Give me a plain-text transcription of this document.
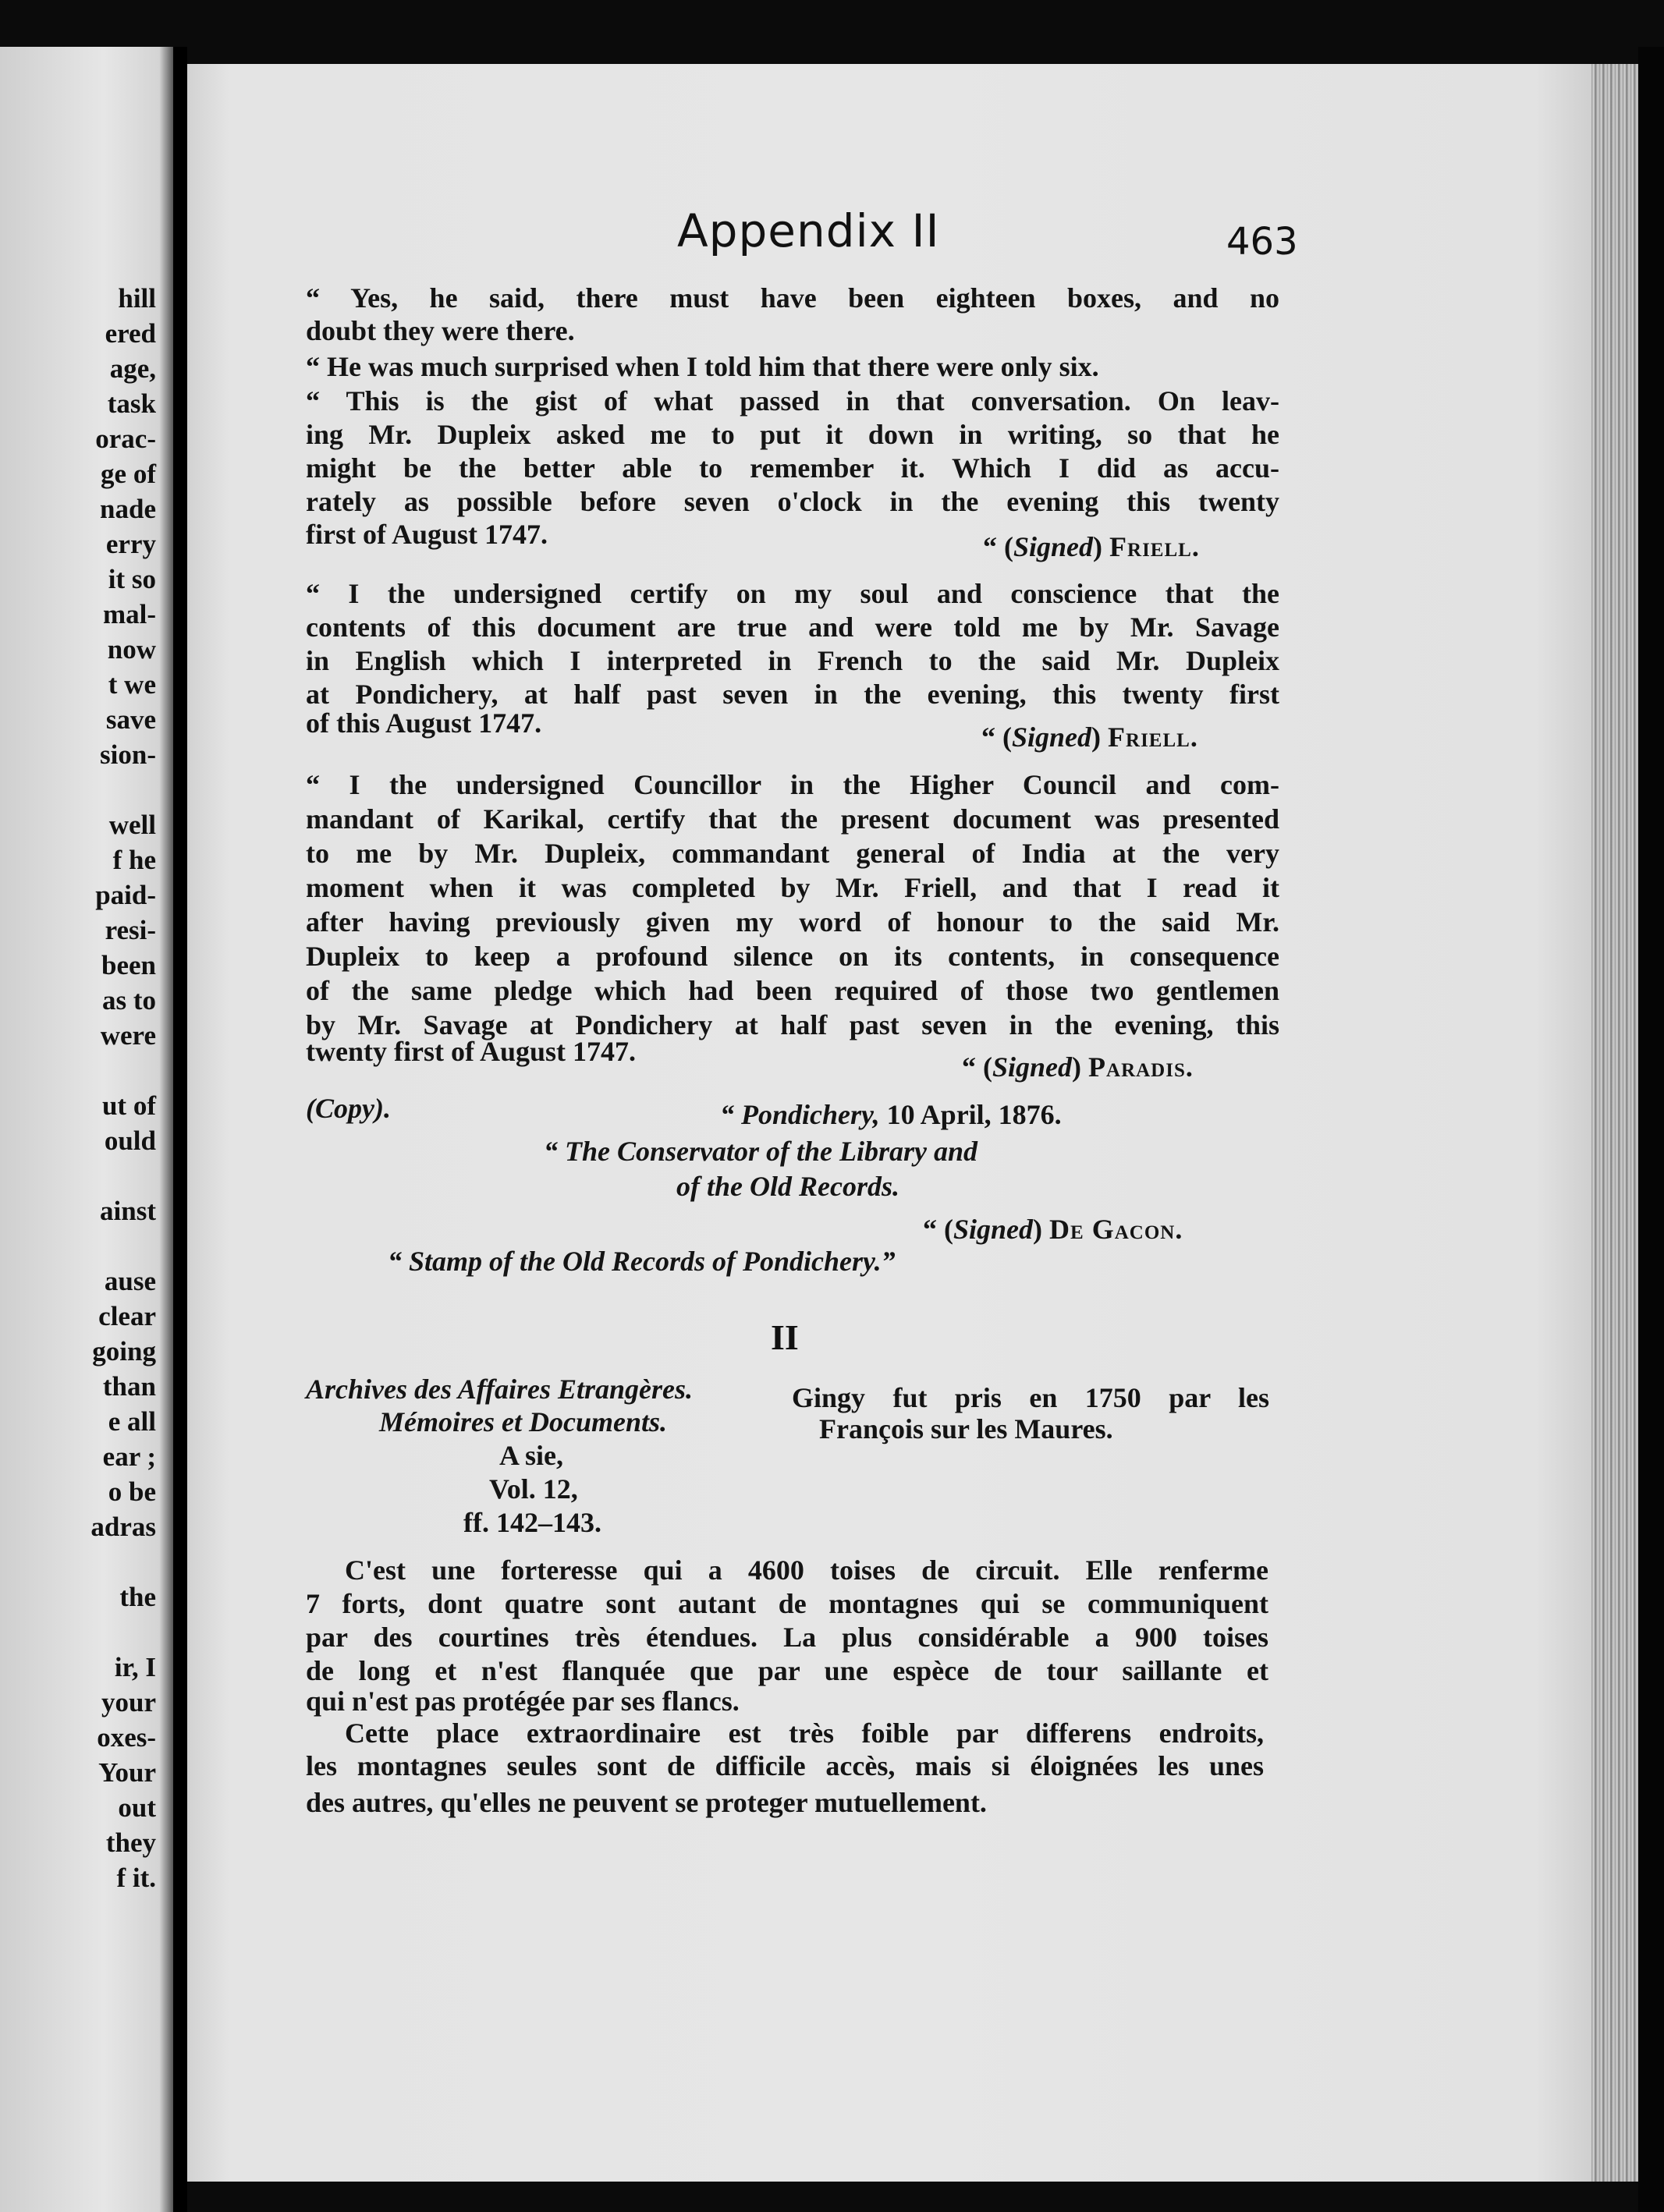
hill
ered
age,
task
orac-
ge of
nade
erry
it so
mal-
now
t we
save
sion-
well
f he
paid-
resi-
been
as to
were
ut of
ould
ainst
ause
clear
going
than
e all
ear ;
o be
adras
the
ir, I
your
oxes-
Your
out
they
f it.
Appendix II	463
“ Yes, he said, there must have been eighteen boxes, and no
doubt they were there.
“ He was much surprised when I told him that there were only six.
“ This is the gist of what passed in that conversation. On leav-
ing Mr. Dupleix asked me to put it down in writing, so that he
might be the better able to remember it. Which I did as accu-
rately as possible before seven o'clock in the evening this twenty
first of August 1747.	“ (Signed) Friell.
“ I the undersigned certify on my soul and conscience that the
contents of this document are true and were told me by Mr. Savage
in English which I interpreted in French to the said Mr. Dupleix
at Pondichery, at half past seven in the evening, this twenty first
of this August 1747.	“ (Signed) Friell.
“ I the undersigned Councillor in the Higher Council and com-
mandant of Karikal, certify that the present document was presented
to me by Mr. Dupleix, commandant general of India at the very
moment when it was completed by Mr. Friell, and that I read it
after having previously given my word of honour to the said Mr.
Dupleix to keep a profound silence on its contents, in consequence
of the same pledge which had been required of those two gentlemen
by Mr. Savage at Pondichery at half past seven in the evening, this
twenty first of August 1747.	“ (Signed) Paradis.
(Copy).	“ Pondichery, 10 April, 1876.
“ The Conservator of the Library and
of the Old Records.
“ (Signed) De Gacon.
“ Stamp of the Old Records of Pondichery.”
II
Archives des Affaires Etrangères.
Mémoires et Documents.
A sie,
Vol. 12,
ff. 142–143.
Gingy fut pris en 1750 par les
François sur les Maures.
C'est une forteresse qui a 4600 toises de circuit. Elle renferme
7 forts, dont quatre sont autant de montagnes qui se communiquent
par des courtines très étendues. La plus considérable a 900 toises
de long et n'est flanquée que par une espèce de tour saillante et
qui n'est pas protégée par ses flancs.
Cette place extraordinaire est très foible par differens endroits,
les montagnes seules sont de difficile accès, mais si éloignées les unes
des autres, qu'elles ne peuvent se proteger mutuellement.
